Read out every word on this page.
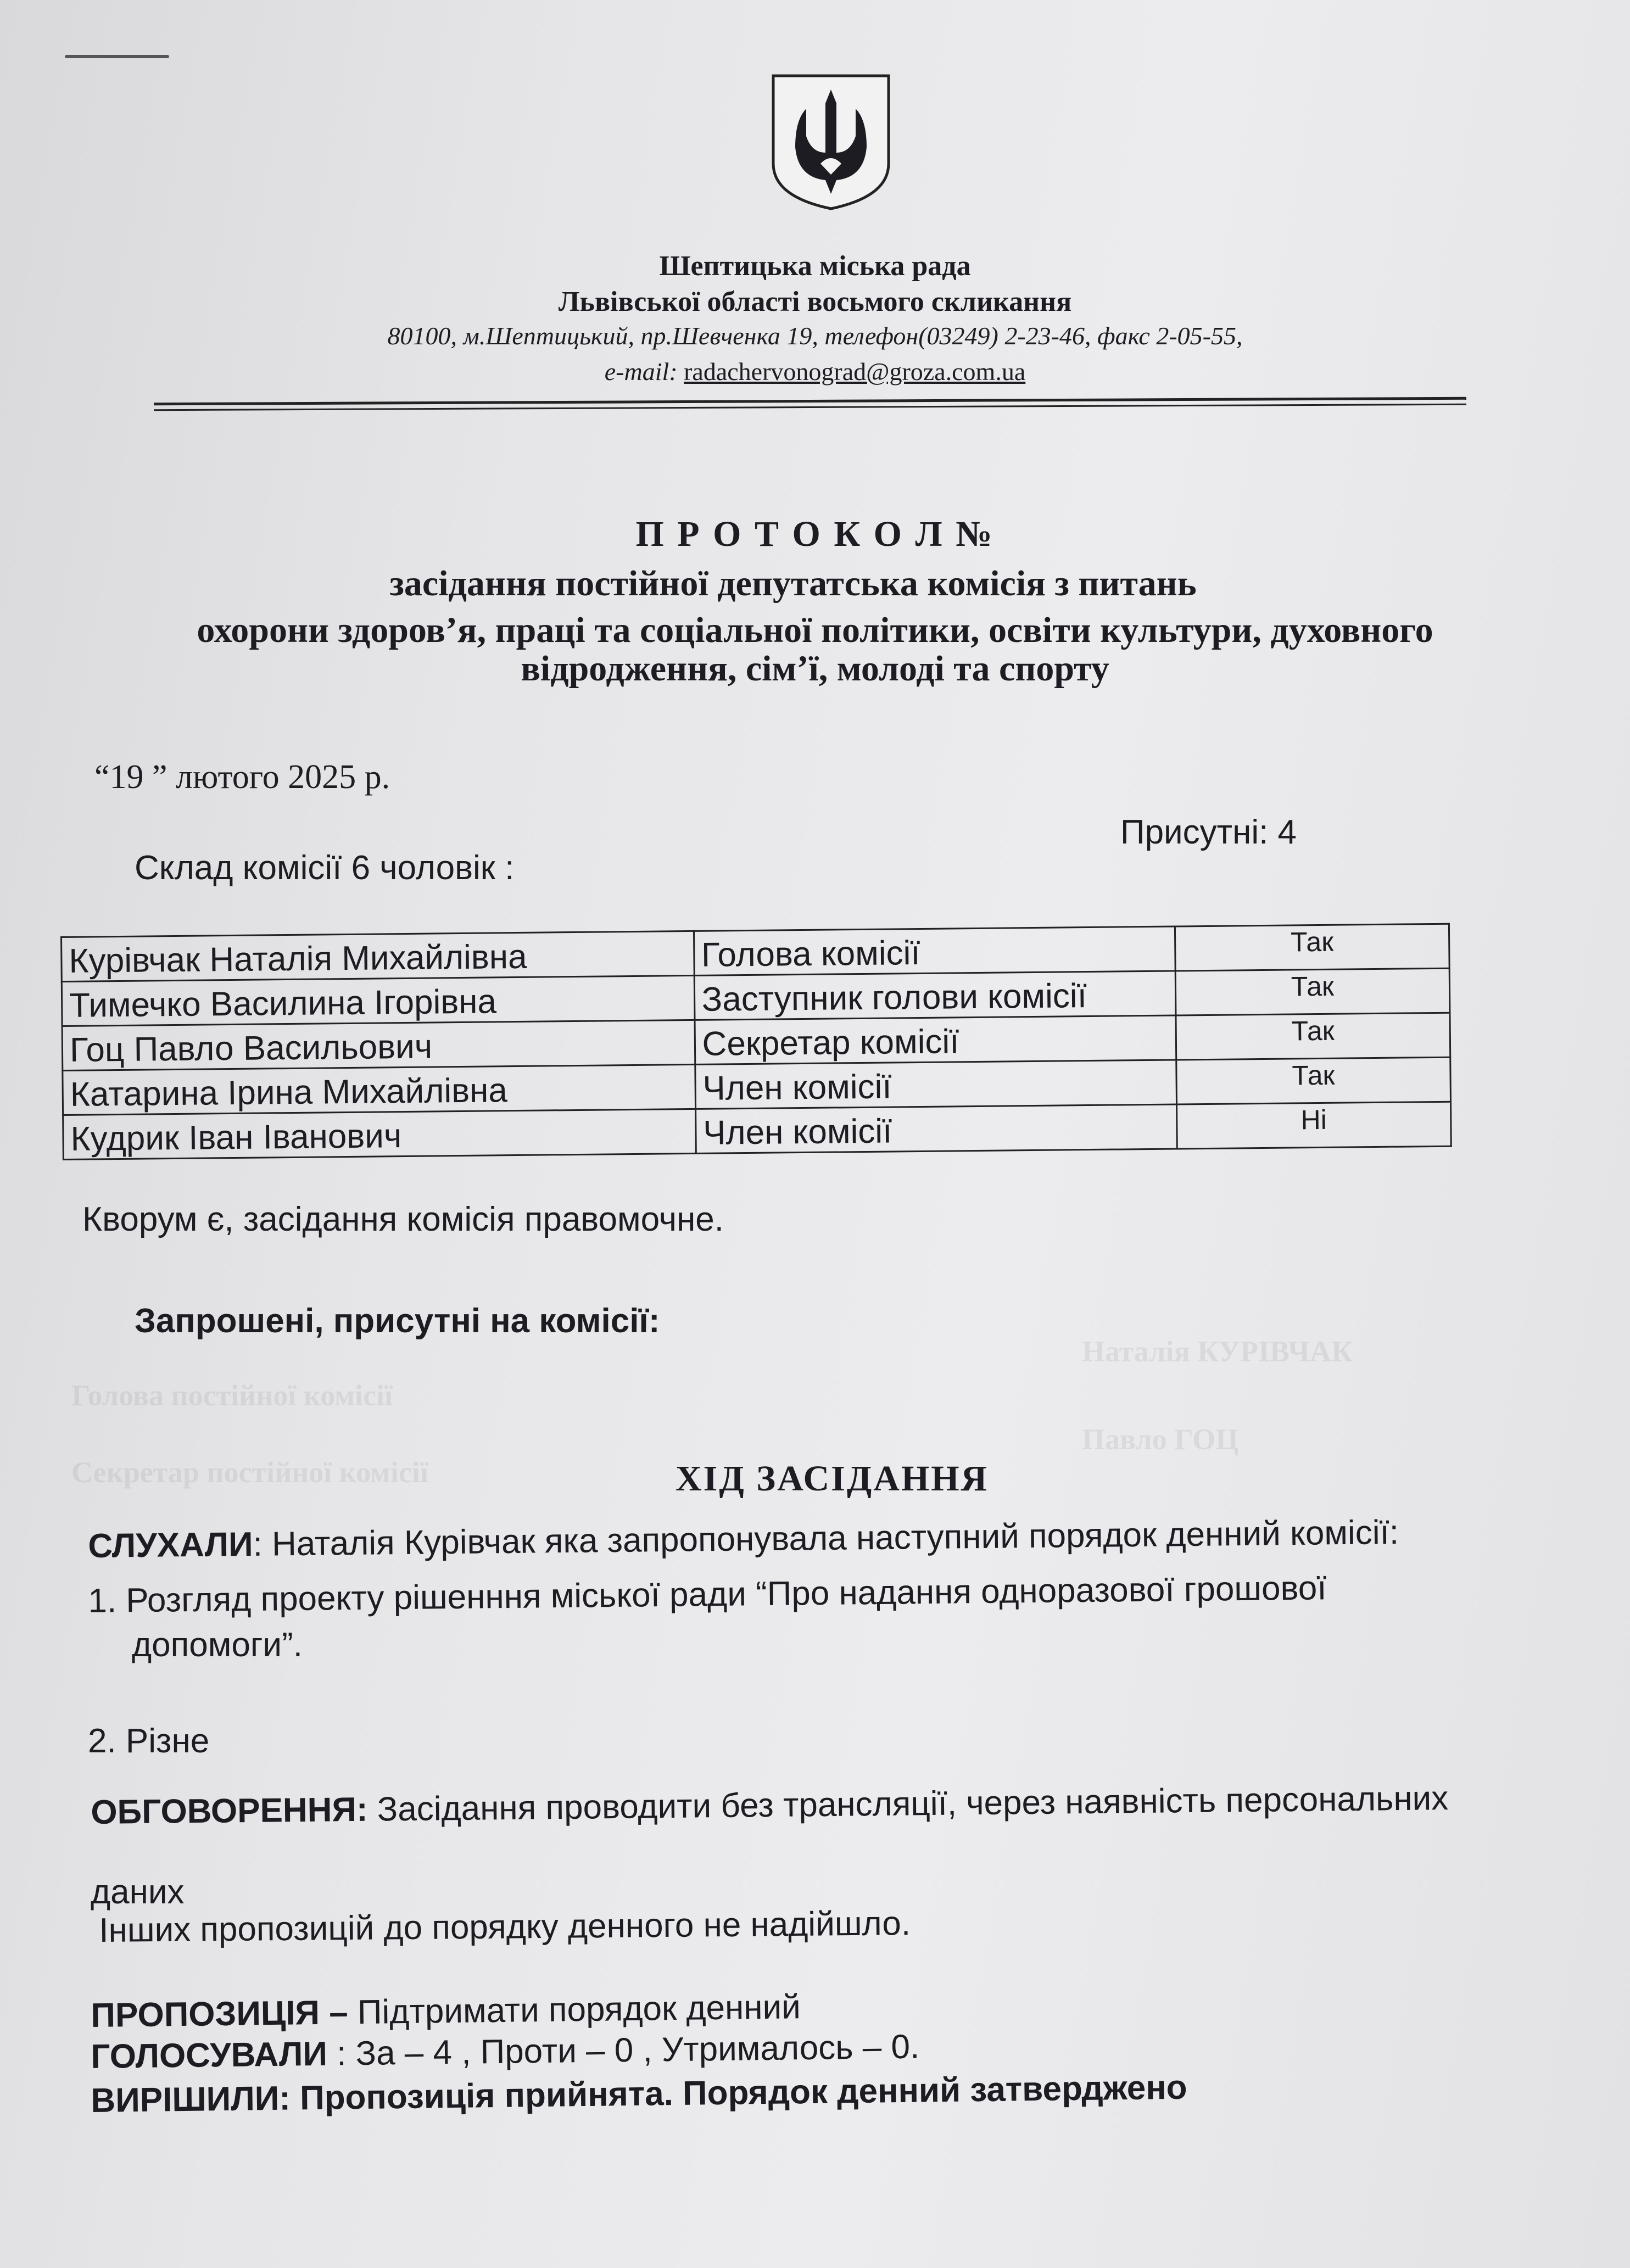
Наталія КУРІВЧАК
Голова постійної комісії
Павло ГОЦ
Секретар постійної комісії
Шептицька міська рада
Львівської області восьмого скликання
80100, м.Шептицький, пр.Шевченка 19, телефон(03249) 2-23-46, факс 2-05-55,
e-mail: radachervonograd@groza.com.ua
П Р О Т О К О Л №
засідання постійної депутатська комісія з питань
охорони здоров’я, праці та соціальної політики, освіти культури, духовного
відродження, сім’ї, молоді та спорту
“19 ” лютого 2025 р.
Присутні: 4
Склад комісії 6 чоловік :
Курівчак Наталія Михайлівна	Голова комісії	Так
Тимечко Василина Ігорівна	Заступник голови комісії	Так
Гоц Павло Васильович	Секретар комісії	Так
Катарина Ірина Михайлівна	Член комісії	Так
Кудрик Іван Іванович	Член комісії	Ні
Кворум є, засідання комісія правомочне.
Запрошені, присутні на комісії:
ХІД ЗАСІДАННЯ
СЛУХАЛИ: Наталія Курівчак яка запропонувала наступний порядок денний комісії:
1. Розгляд проекту рішенння міської ради “Про надання одноразової грошової
допомоги”.
2. Різне
ОБГОВОРЕННЯ: Засідання проводити без трансляції, через наявність персональних
даних
Інших пропозицій до порядку денного не надійшло.
ПРОПОЗИЦІЯ – Підтримати порядок денний
ГОЛОСУВАЛИ : За – 4 , Проти – 0 , Утрималось – 0.
ВИРІШИЛИ: Пропозиція прийнята. Порядок денний затверджено
